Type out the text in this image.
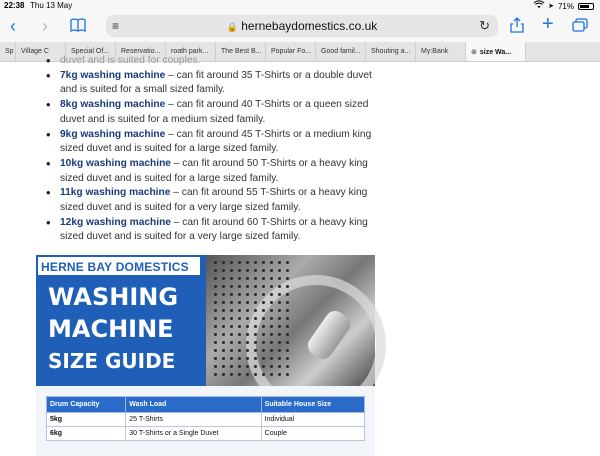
22:38 Thu 13 May	➤ 71%
‹ ›	≡	🔒 hernebaydomestics.co.uk	↻	+
Sp	Village C	Special Of...	Reservatio...	roath park...	The Best B...	Popular Fo...	Good famil...	Shouting a...	My:Bank	⊗ size Wa...
• duvet and is suited for couples.
• 7kg washing machine – can fit around 35 T-Shirts or a double duvet and is suited for a small sized family.
• 8kg washing machine – can fit around 40 T-Shirts or a queen sized duvet and is suited for a medium sized family.
• 9kg washing machine – can fit around 45 T-Shirts or a medium king sized duvet and is suited for a large sized family.
• 10kg washing machine – can fit around 50 T-Shirts or a heavy king sized duvet and is suited for a large sized family.
• 11kg washing machine – can fit around 55 T-Shirts or a heavy king sized duvet and is suited for a very large sized family.
• 12kg washing machine – can fit around 60 T-Shirts or a heavy king sized duvet and is suited for a very large sized family.
HERNE BAY DOMESTICS
WASHING
MACHINE
SIZE GUIDE
Drum Capacity	Wash Load	Suitable House Size
5kg	25 T-Shirts	Individual
6kg	30 T-Shirts or a Single Duvet	Couple
